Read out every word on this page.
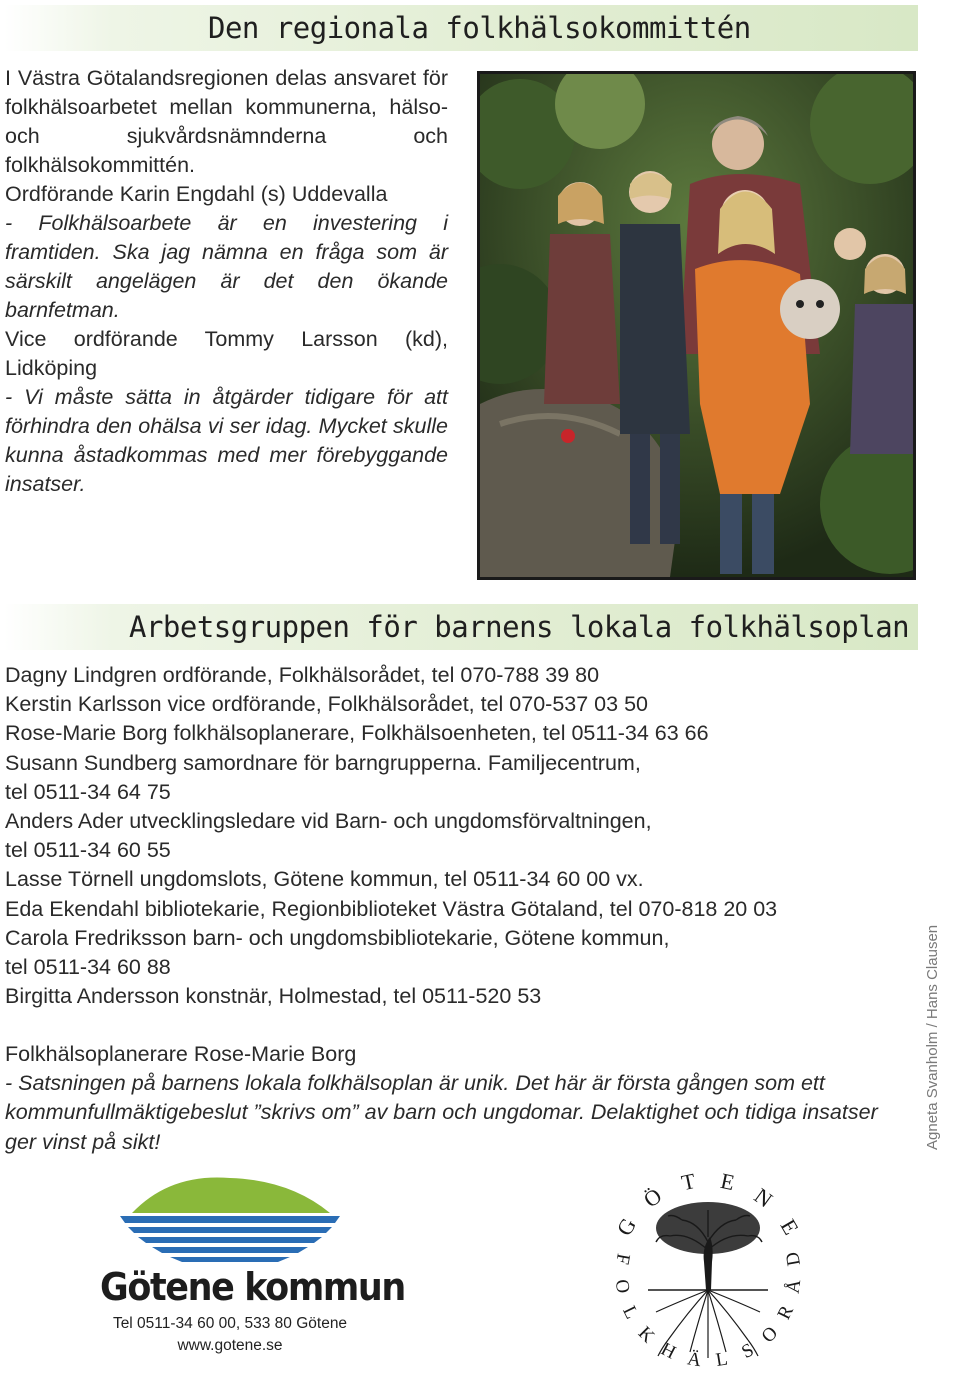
Den regionala folkhälsokommittén

I Västra Götalandsregionen delas ansvaret för folkhälsoarbetet mellan kommunerna, hälso- och sjukvårdsnämnderna och folkhälsokommittén.

Ordförande Karin Engdahl (s) Uddevalla

- Folkhälsoarbete är en investering i framtiden. Ska jag nämna en fråga som är särskilt angelägen är det den ökande barnfetman.

Vice ordförande Tommy Larsson (kd), Lidköping

- Vi måste sätta in åtgärder tidigare för att förhindra den ohälsa vi ser idag. Mycket skulle kunna åstadkommas med mer förebyggande insatser.

Arbetsgruppen för barnens lokala folkhälsoplan
Dagny Lindgren ordförande, Folkhälsorådet, tel 070-788 39 80
Kerstin Karlsson vice ordförande, Folkhälsorådet, tel 070-537 03 50
Rose-Marie Borg folkhälsoplanerare, Folkhälsoenheten, tel 0511-34 63 66
Susann Sundberg samordnare för barngrupperna. Familjecentrum,
tel 0511-34 64 75
Anders Ader utvecklingsledare vid Barn- och ungdomsförvaltningen,
tel 0511-34 60 55
Lasse Törnell ungdomslots, Götene kommun, tel 0511-34 60 00 vx.
Eda Ekendahl bibliotekarie, Regionbiblioteket Västra Götaland, tel 070-818 20 03
Carola Fredriksson barn- och ungdomsbibliotekarie, Götene kommun,
tel 0511-34 60 88
Birgitta Andersson konstnär, Holmestad, tel 0511-520 53
Folkhälsoplanerare Rose-Marie Borg
- Satsningen på barnens lokala folkhälsoplan är unik. Det här är första gången som ett kommunfullmäktigebeslut ”skrivs om” av barn och ungdomar. Delaktighet och tidiga insatser ger vinst på sikt!	Agneta Svanholm / Hans Clausen
Götene kommun
Tel 0511-34 60 00, 533 80 Götene
www.gotene.se
G
Ö
T E
N
E
F
O
L
K
H Ä L S
O
R
Å
D
